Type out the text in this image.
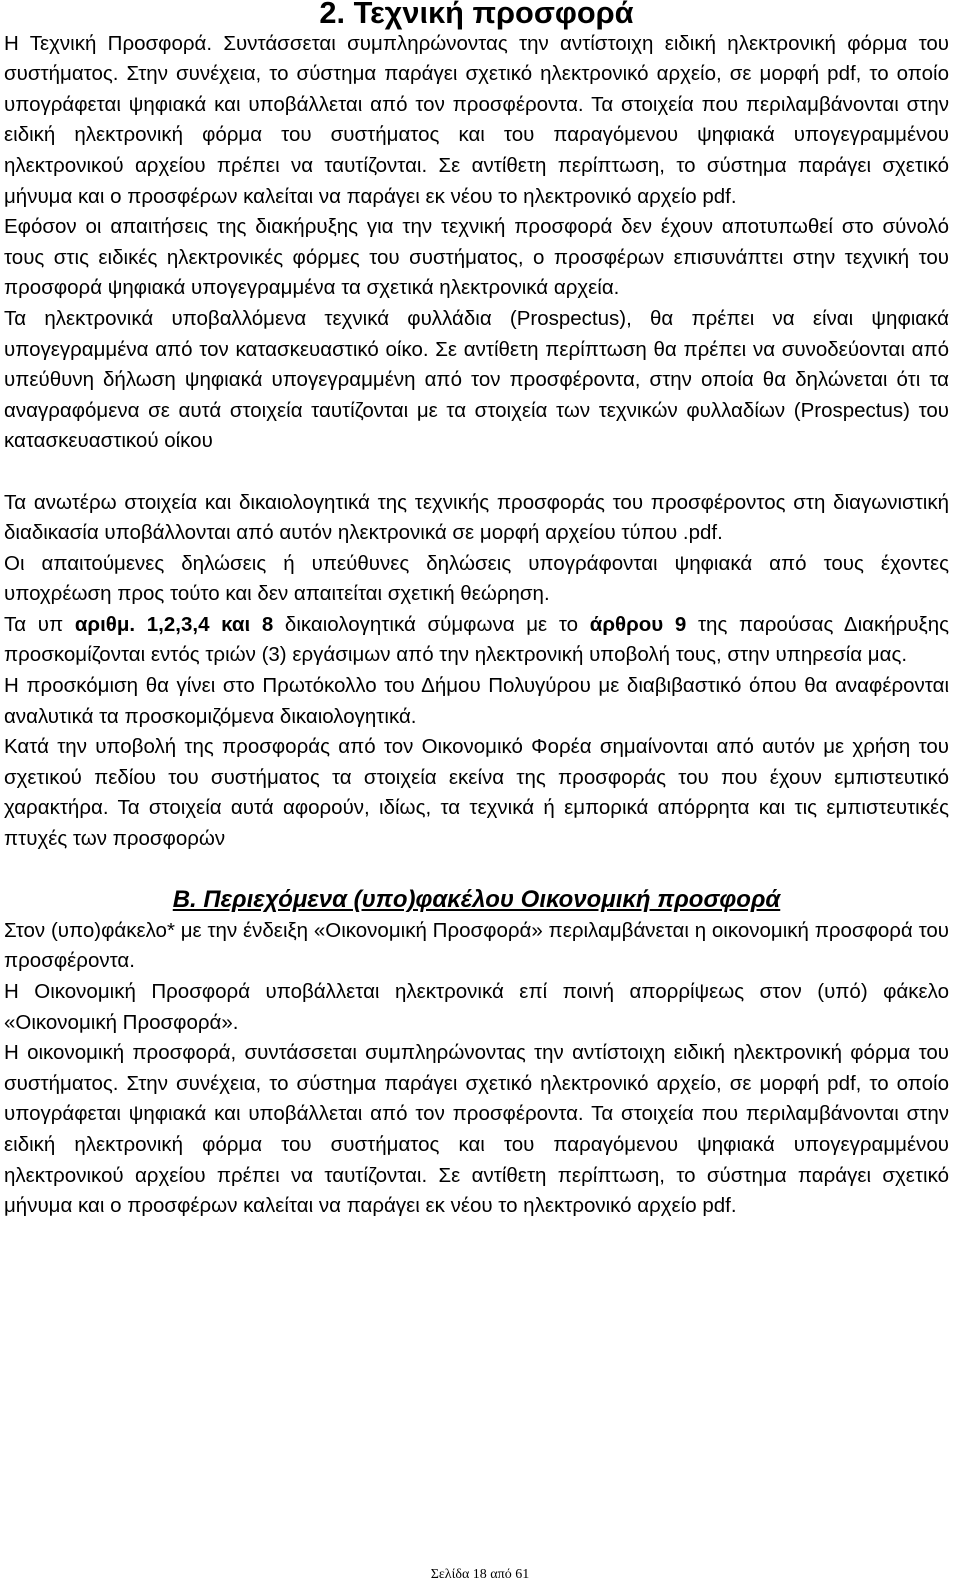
2. Τεχνική προσφορά

Η Τεχνική Προσφορά. Συντάσσεται συμπληρώνοντας την αντίστοιχη ειδική ηλεκτρονική φόρμα του συστήματος. Στην συνέχεια, το σύστημα παράγει σχετικό ηλεκτρονικό αρχείο, σε μορφή pdf, το οποίο υπογράφεται ψηφιακά και υποβάλλεται από τον προσφέροντα. Τα στοιχεία που περιλαμβάνονται στην ειδική ηλεκτρονική φόρμα του συστήματος και του παραγόμενου ψηφιακά υπογεγραμμένου ηλεκτρονικού αρχείου πρέπει να ταυτίζονται. Σε αντίθετη περίπτωση, το σύστημα παράγει σχετικό μήνυμα και ο προσφέρων καλείται να παράγει εκ νέου το ηλεκτρονικό αρχείο pdf.

Εφόσον οι απαιτήσεις της διακήρυξης για την τεχνική προσφορά δεν έχουν αποτυπωθεί στο σύνολό τους στις ειδικές ηλεκτρονικές φόρμες του συστήματος, ο προσφέρων επισυνάπτει στην τεχνική του προσφορά ψηφιακά υπογεγραμμένα τα σχετικά ηλεκτρονικά αρχεία.

Τα ηλεκτρονικά υποβαλλόμενα τεχνικά φυλλάδια (Prospectus), θα πρέπει να είναι ψηφιακά υπογεγραμμένα από τον κατασκευαστικό οίκο. Σε αντίθετη περίπτωση θα πρέπει να συνοδεύονται από υπεύθυνη δήλωση ψηφιακά υπογεγραμμένη από τον προσφέροντα, στην οποία θα δηλώνεται ότι τα αναγραφόμενα σε αυτά στοιχεία ταυτίζονται με τα στοιχεία των τεχνικών φυλλαδίων (Prospectus) του κατασκευαστικού οίκου

Τα ανωτέρω στοιχεία και δικαιολογητικά της τεχνικής προσφοράς του προσφέροντος στη διαγωνιστική διαδικασία υποβάλλονται από αυτόν ηλεκτρονικά σε μορφή αρχείου τύπου .pdf.

Οι απαιτούμενες δηλώσεις ή υπεύθυνες δηλώσεις υπογράφονται ψηφιακά από τους έχοντες υποχρέωση προς τούτο και δεν απαιτείται σχετική θεώρηση.

Τα υπ αριθμ. 1,2,3,4 και 8 δικαιολογητικά σύμφωνα με το άρθρου 9 της παρούσας Διακήρυξης προσκομίζονται εντός τριών (3) εργάσιμων από την ηλεκτρονική υποβολή τους, στην υπηρεσία μας.

Η προσκόμιση θα γίνει στο Πρωτόκολλο του Δήμου Πολυγύρου με διαβιβαστικό όπου θα αναφέρονται αναλυτικά τα προσκομιζόμενα δικαιολογητικά.

Κατά την υποβολή της προσφοράς από τον Οικονομικό Φορέα σημαίνονται από αυτόν με χρήση του σχετικού πεδίου του συστήματος τα στοιχεία εκείνα της προσφοράς του που έχουν εμπιστευτικό χαρακτήρα. Τα στοιχεία αυτά αφορούν, ιδίως, τα τεχνικά ή εμπορικά απόρρητα και τις εμπιστευτικές πτυχές των προσφορών

Β. Περιεχόμενα (υπο)φακέλου Οικονομική προσφορά

Στον (υπο)φάκελο* με την ένδειξη «Οικονομική Προσφορά» περιλαμβάνεται η οικονομική προσφορά του προσφέροντα.

Η Οικονομική Προσφορά υποβάλλεται ηλεκτρονικά επί ποινή απορρίψεως στον (υπό) φάκελο «Οικονομική Προσφορά».

Η οικονομική προσφορά, συντάσσεται συμπληρώνοντας την αντίστοιχη ειδική ηλεκτρονική φόρμα του συστήματος. Στην συνέχεια, το σύστημα παράγει σχετικό ηλεκτρονικό αρχείο, σε μορφή pdf, το οποίο υπογράφεται ψηφιακά και υποβάλλεται από τον προσφέροντα. Τα στοιχεία που περιλαμβάνονται στην ειδική ηλεκτρονική φόρμα του συστήματος και του παραγόμενου ψηφιακά υπογεγραμμένου ηλεκτρονικού αρχείου πρέπει να ταυτίζονται. Σε αντίθετη περίπτωση, το σύστημα παράγει σχετικό μήνυμα και ο προσφέρων καλείται να παράγει εκ νέου το ηλεκτρονικό αρχείο pdf.

Σελίδα 18 από 61
